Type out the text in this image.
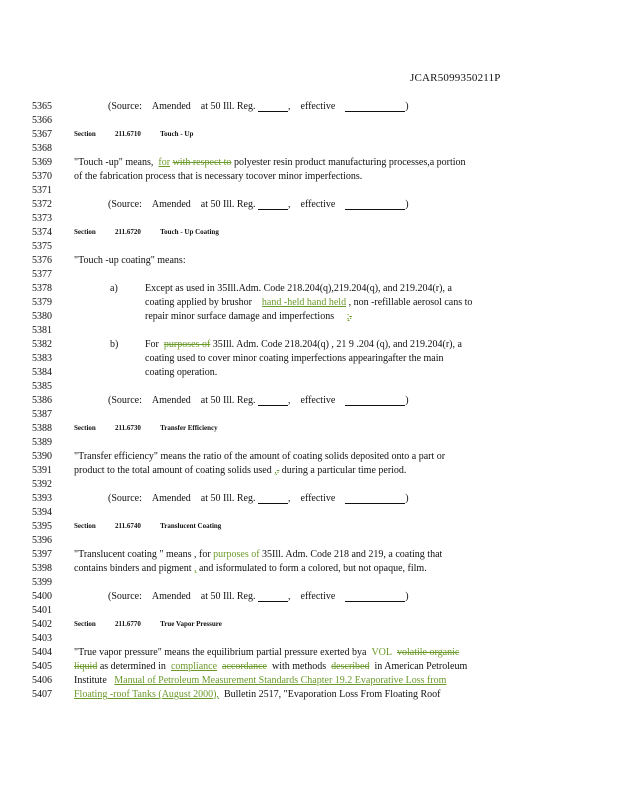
JCAR5099350211P
5365
5366
5367
5368
5369
5370
5371
5372
5373
5374
5375
5376
5377
5378
5379
5380
5381
5382
5383
5384
5385
5386
5387
5388
5389
5390
5391
5392
5393
5394
5395
5396
5397
5398
5399
5400
5401
5402
5403
5404
5405
5406
5407
(Source: Amended at 50 Ill. Reg.	,    effective	)
Section	211.6710	Touch - Up
"Touch -up" means, for with respect to polyester resin product manufacturing processes,a portion
of the fabrication process that is necessary tocover minor imperfections.
(Source: Amended at 50 Ill. Reg.	,    effective	)
Section	211.6720	Touch - Up Coating
"Touch -up coating" means:
a)	Except as used in 35Ill.Adm. Code 218.204(q),219.204(q), and 219.204(r), a
coating applied by brushor hand -held hand held , non -refillable aerosol cans to
repair minor surface damage and imperfections ;.
b)	For purposes of 35Ill. Adm. Code 218.204(q) , 21 9 .204 (q), and 219.204(r), a
coating used to cover minor coating imperfections appearingafter the main
coating operation.
(Source: Amended at 50 Ill. Reg.	,    effective	)
Section	211.6730	Transfer Efficiency
"Transfer efficiency" means the ratio of the amount of coating solids deposited onto a part or
product to the total amount of coating solids used ,. during a particular time period.
(Source: Amended at 50 Ill. Reg.	,    effective	)
Section	211.6740	Translucent Coating
"Translucent coating " means , for purposes of 35Ill. Adm. Code 218 and 219, a coating that
contains binders and pigment , and isformulated to form a colored, but not opaque, film.
(Source: Amended at 50 Ill. Reg.	,    effective	)
Section	211.6770	True Vapor Pressure
"True vapor pressure" means the equilibrium partial pressure exerted bya VOL volatile organic
liquid as determined in compliance accordance with methods described in American Petroleum
Institute Manual of Petroleum Measurement Standards Chapter 19.2 Evaporative Loss from
Floating -roof Tanks (August 2000), Bulletin 2517, "Evaporation Loss From Floating Roof
